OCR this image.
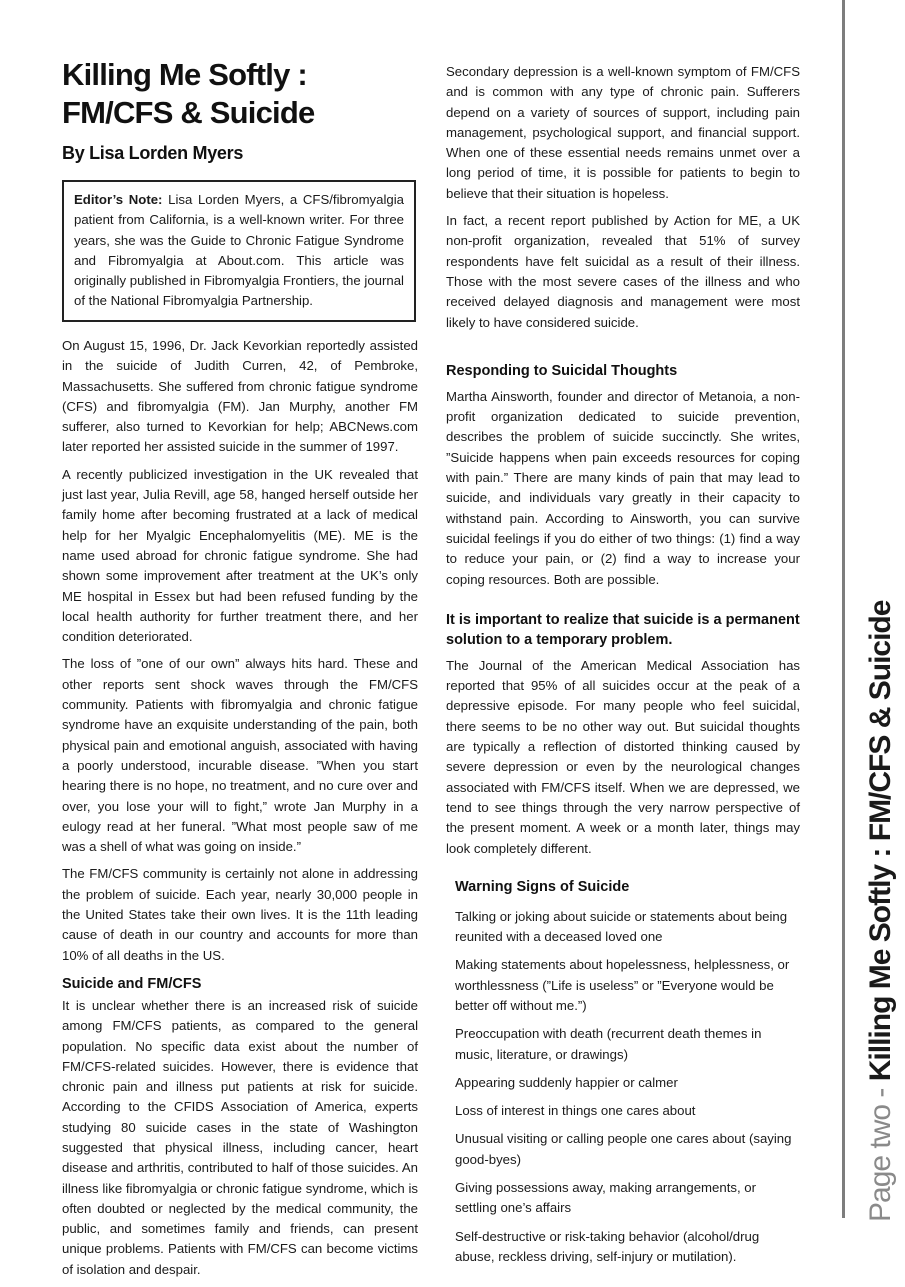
Killing Me Softly :
FM/CFS & Suicide
By Lisa Lorden Myers
Editor’s Note: Lisa Lorden Myers, a CFS/fibromyalgia patient from California, is a well-known writer. For three years, she was the Guide to Chronic Fatigue Syndrome and Fibromyalgia at About.com. This article was originally published in Fibromyalgia Frontiers, the journal of the National Fibromyalgia Partnership.

On August 15, 1996, Dr. Jack Kevorkian reportedly assisted in the suicide of Judith Curren, 42, of Pembroke, Massachusetts. She suffered from chronic fatigue syndrome (CFS) and fibromyalgia (FM). Jan Murphy, another FM sufferer, also turned to Kevorkian for help; ABCNews.com later reported her assisted suicide in the summer of 1997.

A recently publicized investigation in the UK revealed that just last year, Julia Revill, age 58, hanged herself outside her family home after becoming frustrated at a lack of medical help for her Myalgic Encephalomyelitis (ME). ME is the name used abroad for chronic fatigue syndrome. She had shown some improvement after treatment at the UK’s only ME hospital in Essex but had been refused funding by the local health authority for further treatment there, and her condition deteriorated.

The loss of ”one of our own” always hits hard. These and other reports sent shock waves through the FM/CFS community. Patients with fibromyalgia and chronic fatigue syndrome have an exquisite understanding of the pain, both physical pain and emotional anguish, associated with having a poorly understood, incurable disease. ”When you start hearing there is no hope, no treatment, and no cure over and over, you lose your will to fight,” wrote Jan Murphy in a eulogy read at her funeral. ”What most people saw of me was a shell of what was going on inside.”

The FM/CFS community is certainly not alone in addressing the problem of suicide. Each year, nearly 30,000 people in the United States take their own lives. It is the 11th leading cause of death in our country and accounts for more than 10% of all deaths in the US.

Suicide and FM/CFS

It is unclear whether there is an increased risk of suicide among FM/CFS patients, as compared to the general population. No specific data exist about the number of FM/CFS-related suicides. However, there is evidence that chronic pain and illness put patients at risk for suicide. According to the CFIDS Association of America, experts studying 80 suicide cases in the state of Washington suggested that physical illness, including cancer, heart disease and arthritis, contributed to half of those suicides. An illness like fibromyalgia or chronic fatigue syndrome, which is often doubted or neglected by the medical community, the public, and sometimes family and friends, can present unique problems. Patients with FM/CFS can become victims of isolation and despair.

Secondary depression is a well-known symptom of FM/CFS and is common with any type of chronic pain. Sufferers depend on a variety of sources of support, including pain management, psychological support, and financial support. When one of these essential needs remains unmet over a long period of time, it is possible for patients to begin to believe that their situation is hopeless.

In fact, a recent report published by Action for ME, a UK non-profit organization, revealed that 51% of survey respondents have felt suicidal as a result of their illness. Those with the most severe cases of the illness and who received delayed diagnosis and management were most likely to have considered suicide.

Responding to Suicidal Thoughts

Martha Ainsworth, founder and director of Metanoia, a non-profit organization dedicated to suicide prevention, describes the problem of suicide succinctly. She writes, ”Suicide happens when pain exceeds resources for coping with pain.” There are many kinds of pain that may lead to suicide, and individuals vary greatly in their capacity to withstand pain. According to Ainsworth, you can survive suicidal feelings if you do either of two things: (1) find a way to reduce your pain, or (2) find a way to increase your coping resources. Both are possible.

It is important to realize that suicide is a permanent solution to a temporary problem.

The Journal of the American Medical Association has reported that 95% of all suicides occur at the peak of a depressive episode. For many people who feel suicidal, there seems to be no other way out. But suicidal thoughts are typically a reflection of distorted thinking caused by severe depression or even by the neurological changes associated with FM/CFS itself. When we are depressed, we tend to see things through the very narrow perspective of the present moment. A week or a month later, things may look completely different.

Warning Signs of Suicide
Talking or joking about suicide or statements about being reunited with a deceased loved one
Making statements about hopelessness, helplessness, or worthlessness (”Life is useless” or ”Everyone would be better off without me.”)
Preoccupation with death (recurrent death themes in music, literature, or drawings)
Appearing suddenly happier or calmer
Loss of interest in things one cares about
Unusual visiting or calling people one cares about (saying good-byes)
Giving possessions away, making arrangements, or settling one’s affairs
Self-destructive or risk-taking behavior (alcohol/drug abuse, reckless driving, self-injury or mutilation).
Page two - Killing Me Softly : FM/CFS & Suicide
